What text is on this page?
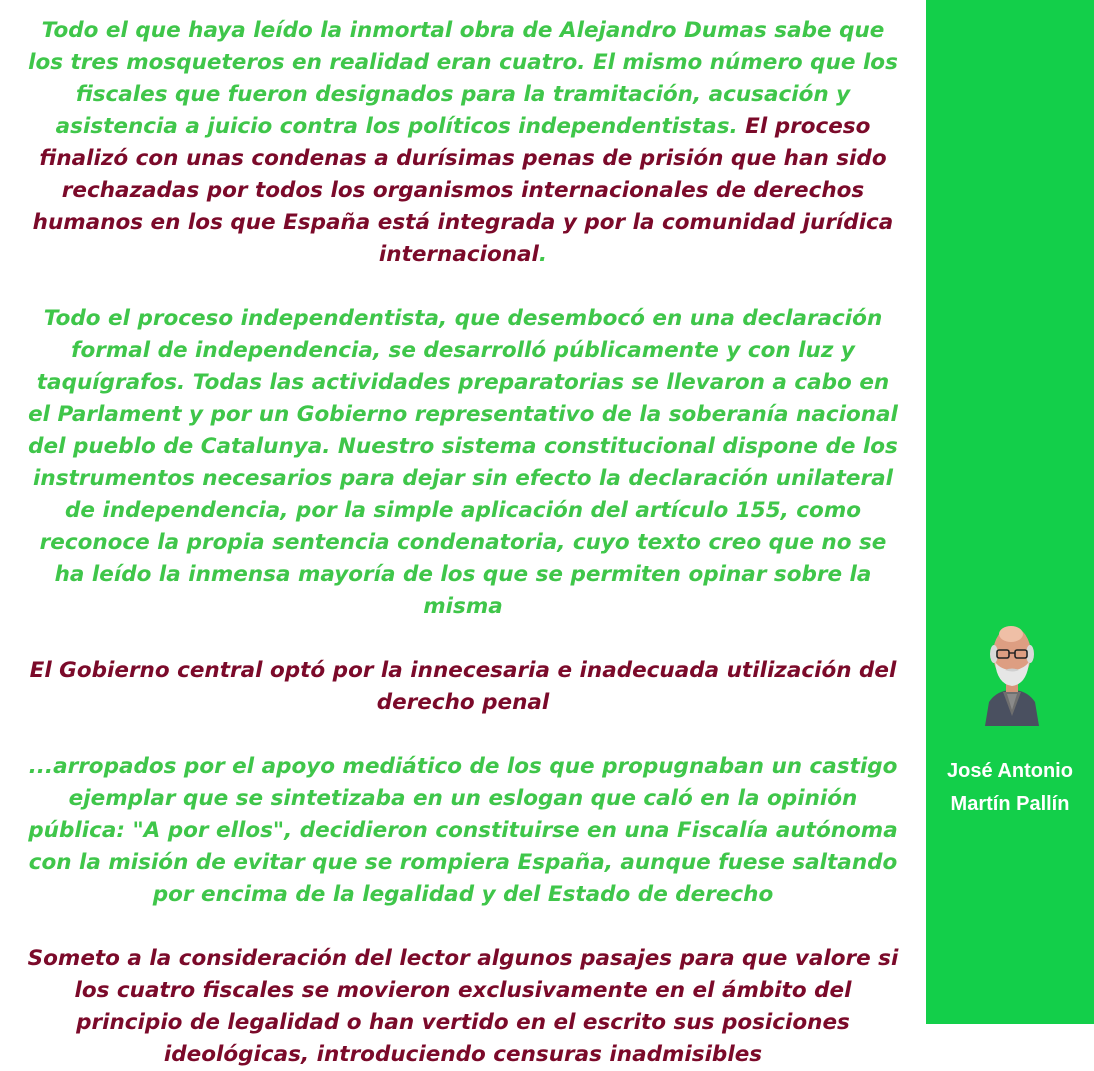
Todo el que haya leído la inmortal obra de Alejandro Dumas sabe que los tres mosqueteros en realidad eran cuatro. El mismo número que los fiscales que fueron designados para la tramitación, acusación y asistencia a juicio contra los políticos independentistas. El proceso finalizó con unas condenas a durísimas penas de prisión que han sido rechazadas por todos los organismos internacionales de derechos humanos en los que España está integrada y por la comunidad jurídica internacional.

Todo el proceso independentista, que desembocó en una declaración formal de independencia, se desarrolló públicamente y con luz y taquígrafos. Todas las actividades preparatorias se llevaron a cabo en el Parlament y por un Gobierno representativo de la soberanía nacional del pueblo de Catalunya. Nuestro sistema constitucional dispone de los instrumentos necesarios para dejar sin efecto la declaración unilateral de independencia, por la simple aplicación del artículo 155, como reconoce la propia sentencia condenatoria, cuyo texto creo que no se ha leído la inmensa mayoría de los que se permiten opinar sobre la misma

El Gobierno central optó por la innecesaria e inadecuada utilización del derecho penal

...arropados por el apoyo mediático de los que propugnaban un castigo ejemplar que se sintetizaba en un eslogan que caló en la opinión pública: "A por ellos", decidieron constituirse en una Fiscalía autónoma con la misión de evitar que se rompiera España, aunque fuese saltando por encima de la legalidad y del Estado de derecho

Someto a la consideración del lector algunos pasajes para que valore si los cuatro fiscales se movieron exclusivamente en el ámbito del principio de legalidad o han vertido en el escrito sus posiciones ideológicas, introduciendo censuras inadmisibles

José Antonio
Martín Pallín
